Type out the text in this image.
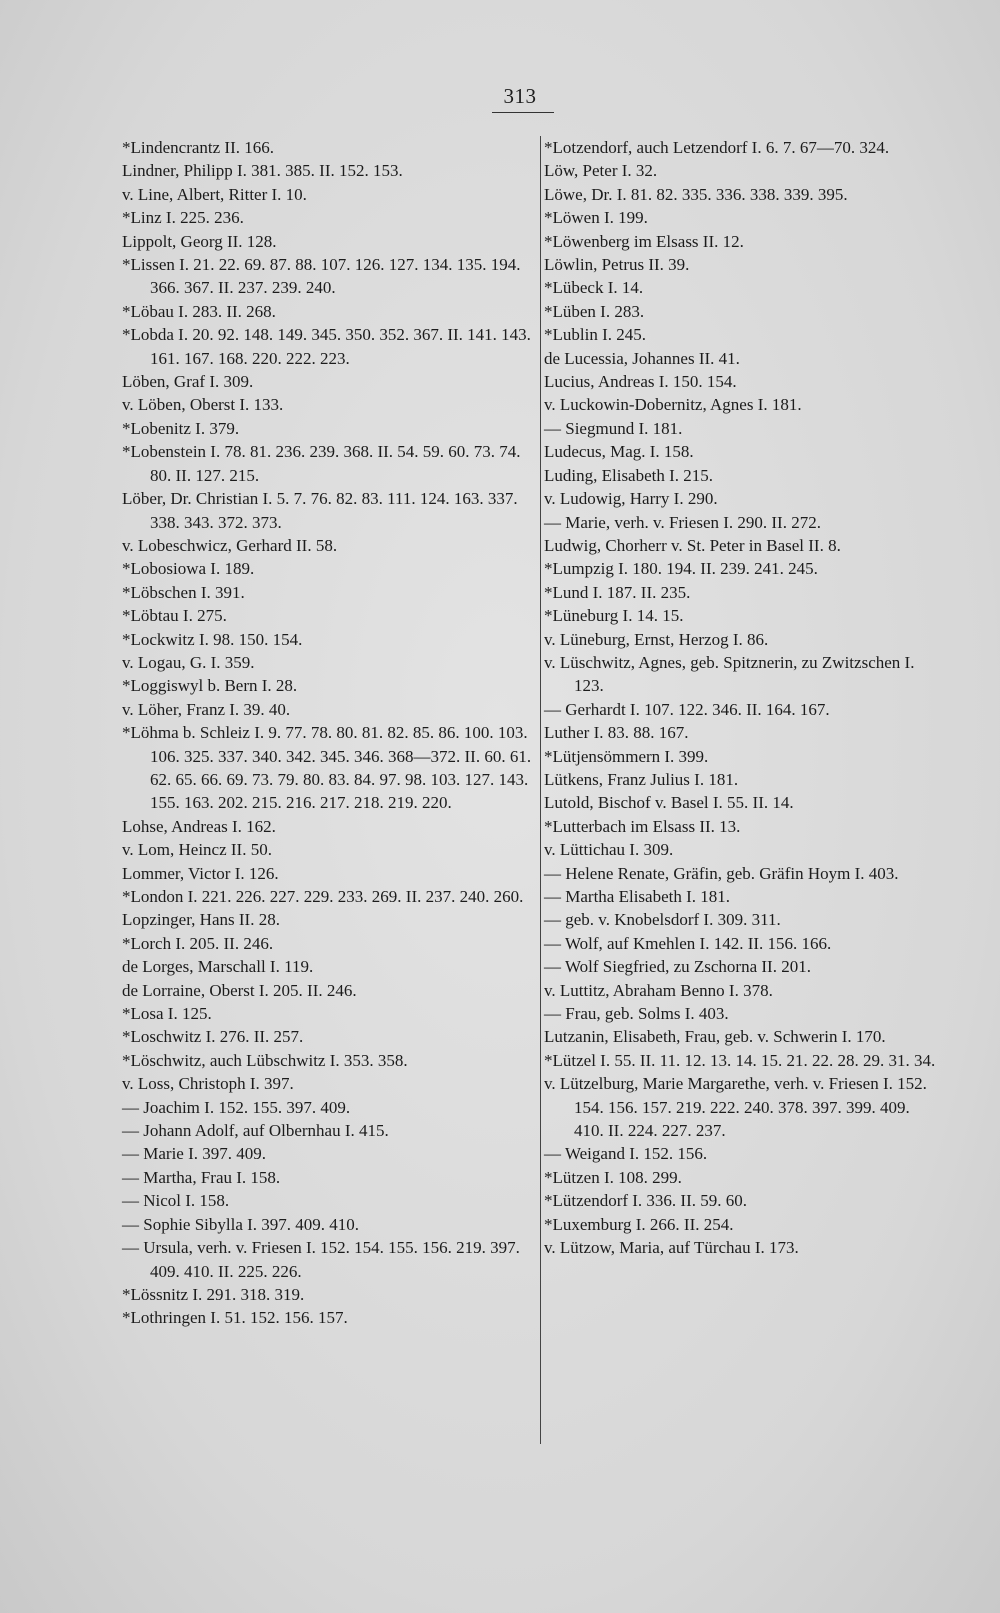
313

*Lindencrantz II. 166.

Lindner, Philipp I. 381. 385. II. 152. 153.

v. Line, Albert, Ritter I. 10.

*Linz I. 225. 236.

Lippolt, Georg II. 128.

*Lissen I. 21. 22. 69. 87. 88. 107. 126. 127. 134. 135. 194. 366. 367. II. 237. 239. 240.

*Löbau I. 283. II. 268.

*Lobda I. 20. 92. 148. 149. 345. 350. 352. 367. II. 141. 143. 161. 167. 168. 220. 222. 223.

Löben, Graf I. 309.

v. Löben, Oberst I. 133.

*Lobenitz I. 379.

*Lobenstein I. 78. 81. 236. 239. 368. II. 54. 59. 60. 73. 74. 80. II. 127. 215.

Löber, Dr. Christian I. 5. 7. 76. 82. 83. 111. 124. 163. 337. 338. 343. 372. 373.

v. Lobeschwicz, Gerhard II. 58.

*Lobosiowa I. 189.

*Löbschen I. 391.

*Löbtau I. 275.

*Lockwitz I. 98. 150. 154.

v. Logau, G. I. 359.

*Loggiswyl b. Bern I. 28.

v. Löher, Franz I. 39. 40.

*Löhma b. Schleiz I. 9. 77. 78. 80. 81. 82. 85. 86. 100. 103. 106. 325. 337. 340. 342. 345. 346. 368—372. II. 60. 61. 62. 65. 66. 69. 73. 79. 80. 83. 84. 97. 98. 103. 127. 143. 155. 163. 202. 215. 216. 217. 218. 219. 220.

Lohse, Andreas I. 162.

v. Lom, Heincz II. 50.

Lommer, Victor I. 126.

*London I. 221. 226. 227. 229. 233. 269. II. 237. 240. 260.

Lopzinger, Hans II. 28.

*Lorch I. 205. II. 246.

de Lorges, Marschall I. 119.

de Lorraine, Oberst I. 205. II. 246.

*Losa I. 125.

*Loschwitz I. 276. II. 257.

*Löschwitz, auch Lübschwitz I. 353. 358.

v. Loss, Christoph I. 397.

— Joachim I. 152. 155. 397. 409.

— Johann Adolf, auf Olbernhau I. 415.

— Marie I. 397. 409.

— Martha, Frau I. 158.

— Nicol I. 158.

— Sophie Sibylla I. 397. 409. 410.

— Ursula, verh. v. Friesen I. 152. 154. 155. 156. 219. 397. 409. 410. II. 225. 226.

*Lössnitz I. 291. 318. 319.

*Lothringen I. 51. 152. 156. 157.

*Lotzendorf, auch Letzendorf I. 6. 7. 67—70. 324.

Löw, Peter I. 32.

Löwe, Dr. I. 81. 82. 335. 336. 338. 339. 395.

*Löwen I. 199.

*Löwenberg im Elsass II. 12.

Löwlin, Petrus II. 39.

*Lübeck I. 14.

*Lüben I. 283.

*Lublin I. 245.

de Lucessia, Johannes II. 41.

Lucius, Andreas I. 150. 154.

v. Luckowin-Dobernitz, Agnes I. 181.

— Siegmund I. 181.

Ludecus, Mag. I. 158.

Luding, Elisabeth I. 215.

v. Ludowig, Harry I. 290.

— Marie, verh. v. Friesen I. 290. II. 272.

Ludwig, Chorherr v. St. Peter in Basel II. 8.

*Lumpzig I. 180. 194. II. 239. 241. 245.

*Lund I. 187. II. 235.

*Lüneburg I. 14. 15.

v. Lüneburg, Ernst, Herzog I. 86.

v. Lüschwitz, Agnes, geb. Spitznerin, zu Zwitzschen I. 123.

— Gerhardt I. 107. 122. 346. II. 164. 167.

Luther I. 83. 88. 167.

*Lütjensömmern I. 399.

Lütkens, Franz Julius I. 181.

Lutold, Bischof v. Basel I. 55. II. 14.

*Lutterbach im Elsass II. 13.

v. Lüttichau I. 309.

— Helene Renate, Gräfin, geb. Gräfin Hoym I. 403.

— Martha Elisabeth I. 181.

— geb. v. Knobelsdorf I. 309. 311.

— Wolf, auf Kmehlen I. 142. II. 156. 166.

— Wolf Siegfried, zu Zschorna II. 201.

v. Luttitz, Abraham Benno I. 378.

— Frau, geb. Solms I. 403.

Lutzanin, Elisabeth, Frau, geb. v. Schwerin I. 170.

*Lützel I. 55. II. 11. 12. 13. 14. 15. 21. 22. 28. 29. 31. 34.

v. Lützelburg, Marie Margarethe, verh. v. Friesen I. 152. 154. 156. 157. 219. 222. 240. 378. 397. 399. 409. 410. II. 224. 227. 237.

— Weigand I. 152. 156.

*Lützen I. 108. 299.

*Lützendorf I. 336. II. 59. 60.

*Luxemburg I. 266. II. 254.

v. Lützow, Maria, auf Türchau I. 173.
